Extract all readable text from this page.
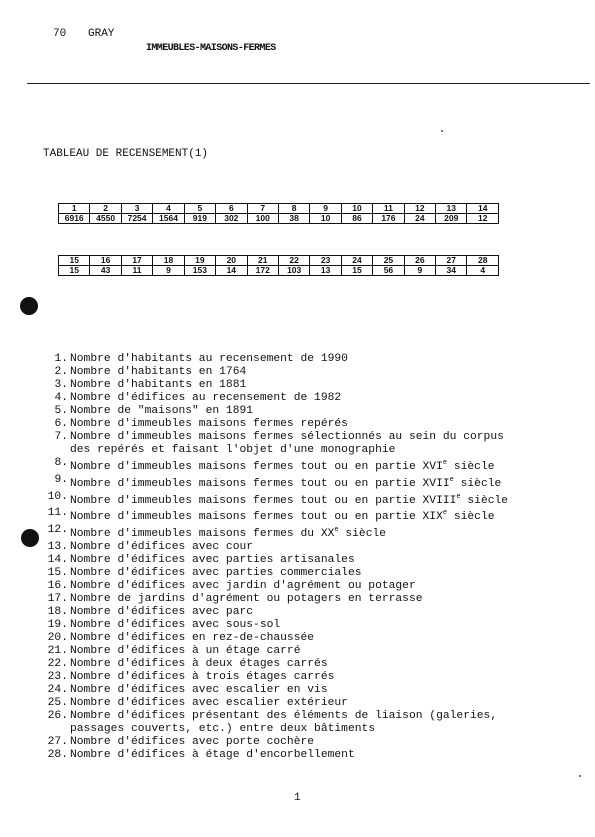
70 GRAY
IMMEUBLES-MAISONS-FERMES
TABLEAU DE RECENSEMENT(1)
1	2	3	4	5	6	7	8	9	10	11	12	13	14
6916	4550	7254	1564	919	302	100	38	10	86	176	24	209	12
15	16	17	18	19	20	21	22	23	24	25	26	27	28
15	43	11	9	153	14	172	103	13	15	56	9	34	4
1. Nombre d'habitants au recensement de 1990
2. Nombre d'habitants en 1764
3. Nombre d'habitants en 1881
4. Nombre d'édifices au recensement de 1982
5. Nombre de "maisons" en 1891
6. Nombre d'immeubles maisons fermes repérés
7. Nombre d'immeubles maisons fermes sélectionnés au sein du corpus
des repérés et faisant l'objet d'une monographie
8. Nombre d'immeubles maisons fermes tout ou en partie XVIe siècle
9. Nombre d'immeubles maisons fermes tout ou en partie XVIIe siècle
10. Nombre d'immeubles maisons fermes tout ou en partie XVIIIe siècle
11. Nombre d'immeubles maisons fermes tout ou en partie XIXe siècle
12. Nombre d'immeubles maisons fermes du XXe siècle
13. Nombre d'édifices avec cour
14. Nombre d'édifices avec parties artisanales
15. Nombre d'édifices avec parties commerciales
16. Nombre d'édifices avec jardin d'agrément ou potager
17. Nombre de jardins d'agrément ou potagers en terrasse
18. Nombre d'édifices avec parc
19. Nombre d'édifices avec sous-sol
20. Nombre d'édifices en rez-de-chaussée
21. Nombre d'édifices à un étage carré
22. Nombre d'édifices à deux étages carrés
23. Nombre d'édifices à trois étages carrés
24. Nombre d'édifices avec escalier en vis
25. Nombre d'édifices avec escalier extérieur
26. Nombre d'édifices présentant des éléments de liaison (galeries,
passages couverts, etc.) entre deux bâtiments
27. Nombre d'édifices avec porte cochère
28. Nombre d'édifices à étage d'encorbellement
1
